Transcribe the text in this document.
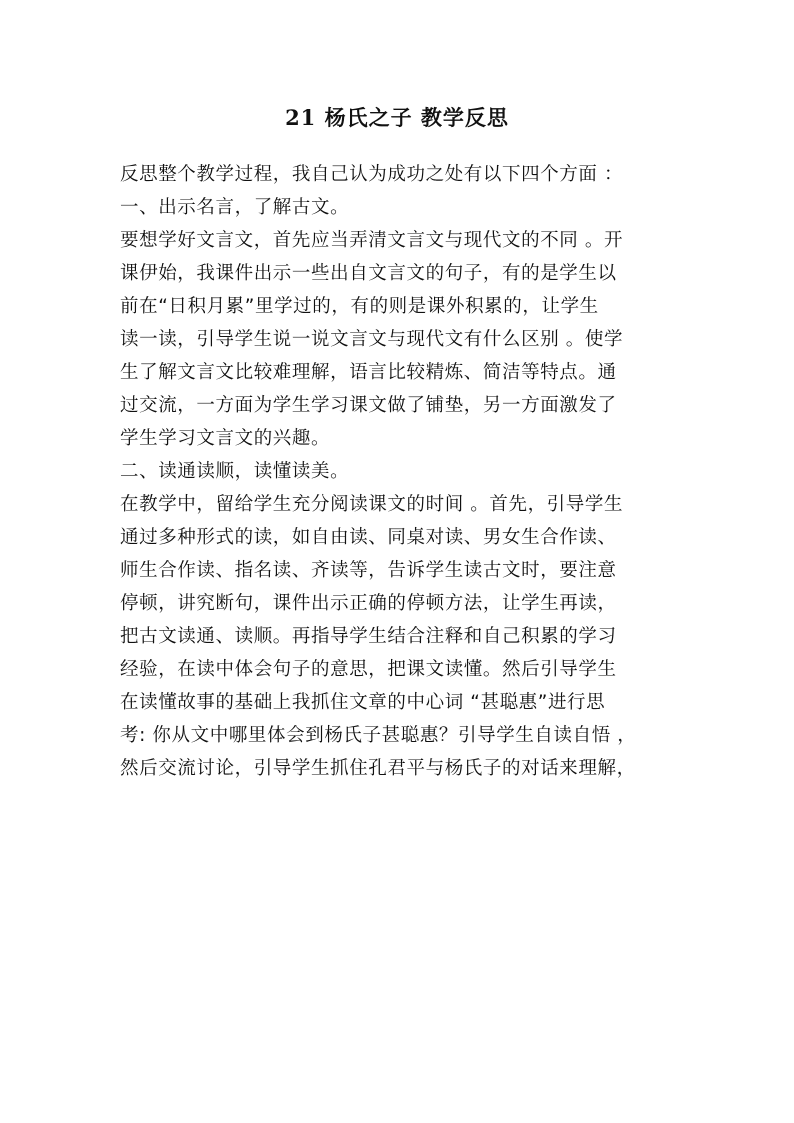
21 杨氏之子 教学反思

反思整个教学过程，我自己认为成功之处有以下四个方面 ：

一、出示名言，了解古文。

要想学好文言文，首先应当弄清文言文与现代文的不同 。开
课伊始，我课件出示一些出自文言文的句子，有的是学生以
前在“日积月累”里学过的，有的则是课外积累的，让学生
读一读，引导学生说一说文言文与现代文有什么区别 。使学
生了解文言文比较难理解，语言比较精炼、简洁等特点。通
过交流，一方面为学生学习课文做了铺垫，另一方面激发了
学生学习文言文的兴趣。

二、读通读顺，读懂读美。

在教学中，留给学生充分阅读课文的时间 。首先，引导学生
通过多种形式的读，如自由读、同桌对读、男女生合作读、
师生合作读、指名读、齐读等，告诉学生读古文时，要注意
停顿，讲究断句，课件出示正确的停顿方法，让学生再读，
把古文读通、读顺。再指导学生结合注释和自己积累的学习
经验，在读中体会句子的意思，把课文读懂。然后引导学生
在读懂故事的基础上我抓住文章的中心词 “甚聪惠”进行思
考: 你从文中哪里体会到杨氏子甚聪惠？引导学生自读自悟 ，
然后交流讨论，引导学生抓住孔君平与杨氏子的对话来理解，
